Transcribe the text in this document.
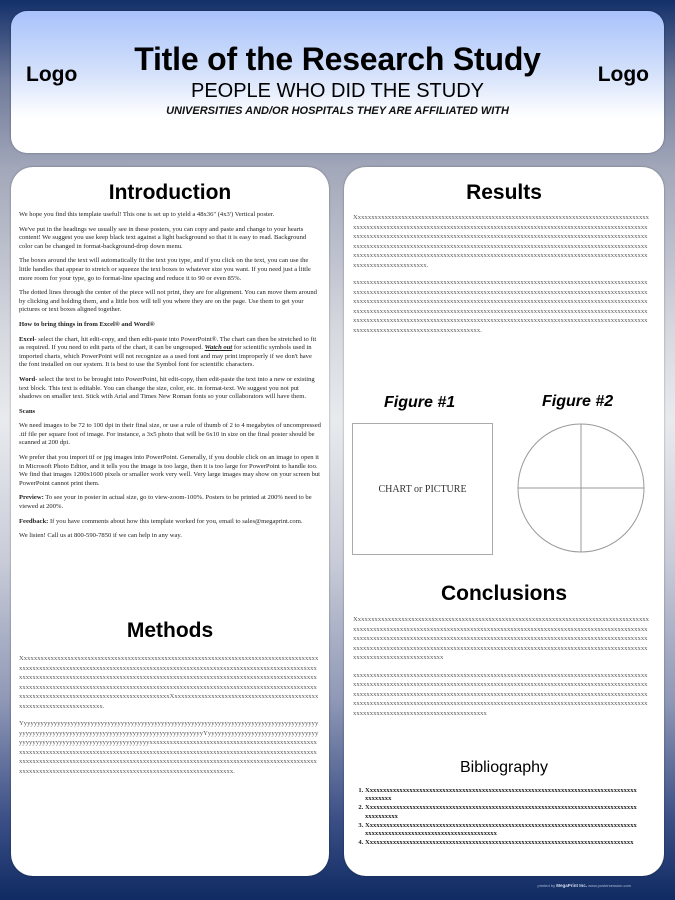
Logo	Title of the Research Study
PEOPLE WHO DID THE STUDY
UNIVERSITIES AND/OR HOSPITALS THEY ARE AFFILIATED WITH
Logo
Introduction

We hope you find this template useful! This one is set up to yield a 48x36" (4x3') Vertical poster.

We've put in the headings we usually see in these posters, you can copy and paste and change to your hearts content! We suggest you use keep black text against a light background so that it is easy to read. Background color can be changed in format-background-drop down menu.

The boxes around the text will automatically fit the text you type, and if you click on the text, you can use the little handles that appear to stretch or squeeze the text boxes to whatever size you want. If you need just a little more room for your type, go to format-line spacing and reduce it to 90 or even 85%.

The dotted lines through the center of the piece will not print, they are for alignment. You can move them around by clicking and holding them, and a little box will tell you where they are on the page. Use them to get your pictures or text boxes aligned together.

How to bring things in from Excel® and Word®

Excel- select the chart, hit edit-copy, and then edit-paste into PowerPoint®. The chart can then be stretched to fit as required. If you need to edit parts of the chart, it can be ungrouped. Watch out for scientific symbols used in imported charts, which PowerPoint will not recognize as a used font and may print improperly if we don't have the font installed on our system. It is best to use the Symbol font for scientific characters.

Word- select the text to be brought into PowerPoint, hit edit-copy, then edit-paste the text into a new or existing text block. This text is editable. You can change the size, color, etc. in format-text. We suggest you not put shadows on smaller text. Stick with Arial and Times New Roman fonts so your collaborators will have them.

Scans

We need images to be 72 to 100 dpi in their final size, or use a rule of thumb of 2 to 4 megabytes of uncompressed .tif file per square foot of image. For instance, a 3x5 photo that will be 6x10 in size on the final poster should be scanned at 200 dpi.

We prefer that you import tif or jpg images into PowerPoint. Generally, if you double click on an image to open it in Microsoft Photo Editor, and it tells you the image is too large, then it is too large for PowerPoint to handle too. We find that images 1200x1600 pixels or smaller work very well. Very large images may show on your screen but PowerPoint cannot print them.

Preview: To see your in poster in actual size, go to view-zoom-100%. Posters to be printed at 200% need to be viewed at 200%.

Feedback: If you have comments about how this template worked for you, email to sales@megaprint.com.

We listen! Call us at 800-590-7850 if we can help in any way.

Methods

XxxxxxxxxxxxxxxxxxxxxxxxxxxxxxxxxxxxxxxxxxxxxxxxxxxxxxxxxxxxxxxxxxxxxxxxxxxxxxxxxxxxxxxxxxxxxxxxxxxxxxxxxxxxxxxxxxxxxxxxxxxxxxxxxxxxxxxxxxxxxxxxxxxxxxxxxxxxxxxxxxxxxxxxxxxxxxxxxxxxxxxxxxxxxxxxxxxxxxxxxxxxxxxxxxxxxxxxxxxxxxxxxxxxxxxxxxxxxxxxxxxxxxxxxxxxxxxxxxxxxxxxxxxxxxxxxxxxxxxxxxxxxxxxxxxxxxxxxxxxxxxxxxxxxxxxxxxxxxxxxxxxxxxxxxxxxxxxxxxxxxxxxxxxxxxxxxxxxxxxxxxxxxxxxxxxxxxxxxxxxxxxxxxxxxxxxxxxxxxxxXxxxxxxxxxxxxxxxxxxxxxxxxxxxxxxxxxxxxxxxxxxxxxxxxxxxxxxxxxxxxxxxxxxxx.

YyyyyyyyyyyyyyyyyyyyyyyyyyyyyyyyyyyyyyyyyyyyyyyyyyyyyyyyyyyyyyyyyyyyyyyyyyyyyyyyyyyyyyyyyyyyyyyyyyyyyyyyyyyyyyyyyyyyyyyyyyyyyyyyyyyyyyyyyyyyyyyyYyyyyyyyyyyyyyyyyyyyyyyyyyyyyyyyyyyyyyyyyyyyyyyyyyyyyyyyyyyyyyyyyyyyyyyyyxxxxxxxxxxxxxxxxxxxxxxxxxxxxxxxxxxxxxxxxxxxxxxxxxxxxxxxxxxxxxxxxxxxxxxxxxxxxxxxxxxxxxxxxxxxxxxxxxxxxxxxxxxxxxxxxxxxxxxxxxxxxxxxxxxxxxxxxxxxxxxxxxxxxxxxxxxxxxxxxxxxxxxxxxxxxxxxxxxxxxxxxxxxxxxxxxxxxxxxxxxxxxxxxxxxxxxxxxxxxxxxxxxxxxxxxxxxxxxxxxxxxxxxxxxxxxxxxxxxxxxxxxxxxxxxxxxxxxxxxxxxxxxxxxxxx.

Results

Xxxxxxxxxxxxxxxxxxxxxxxxxxxxxxxxxxxxxxxxxxxxxxxxxxxxxxxxxxxxxxxxxxxxxxxxxxxxxxxxxxxxxxxxxxxxxxxxxxxxxxxxxxxxxxxxxxxxxxxxxxxxxxxxxxxxxxxxxxxxxxxxxxxxxxxxxxxxxxxxxxxxxxxxxxxxxxxxxxxxxxxxxxxxxxxxxxxxxxxxxxxxxxxxxxxxxxxxxxxxxxxxxxxxxxxxxxxxxxxxxxxxxxxxxxxxxxxxxxxxxxxxxxxxxxxxxxxxxxxxxxxxxxxxxxxxxxxxxxxxxxxxxxxxxxxxxxxxxxxxxxxxxxxxxxxxxxxxxxxxxxxxxxxxxxxxxxxxxxxxxxxxxxxxxxxxxxxxxxxxxxxxxxxxxxxxxxxxxxxxxxxxxxxxxxxxxxxxxxxxxxxxxxxxxxxxxxxxxxxxxxxxxxxxxxxxxxxxxxxxxx.

xxxxxxxxxxxxxxxxxxxxxxxxxxxxxxxxxxxxxxxxxxxxxxxxxxxxxxxxxxxxxxxxxxxxxxxxxxxxxxxxxxxxxxxxxxxxxxxxxxxxxxxxxxxxxxxxxxxxxxxxxxxxxxxxxxxxxxxxxxxxxxxxxxxxxxxxxxxxxxxxxxxxxxxxxxxxxxxxxxxxxxxxxxxxxxxxxxxxxxxxxxxxxxxxxxxxxxxxxxxxxxxxxxxxxxxxxxxxxxxxxxxxxxxxxxxxxxxxxxxxxxxxxxxxxxxxxxxxxxxxxxxxxxxxxxxxxxxxxxxxxxxxxxxxxxxxxxxxxxxxxxxxxxxxxxxxxxxxxxxxxxxxxxxxxxxxxxxxxxxxxxxxxxxxxxxxxxxxxxxxxxxxxxxxxxxxxxxxxxxxxxxxxxxxxxxxxxxxxxxxxxxxxxxxxxxxxxxxxxxxxxxxxxxxxxxxxxxxxxxxxxxxxxxxxxxxxxxxxx.

Figure #1	Figure #2
CHART or PICTURE
Conclusions

Xxxxxxxxxxxxxxxxxxxxxxxxxxxxxxxxxxxxxxxxxxxxxxxxxxxxxxxxxxxxxxxxxxxxxxxxxxxxxxxxxxxxxxxxxxxxxxxxxxxxxxxxxxxxxxxxxxxxxxxxxxxxxxxxxxxxxxxxxxxxxxxxxxxxxxxxxxxxxxxxxxxxxxxxxxxxxxxxxxxxxxxxxxxxxxxxxxxxxxxxxxxxxxxxxxxxxxxxxxxxxxxxxxxxxxxxxxxxxxxxxxxxxxxxxxxxxxxxxxxxxxxxxxxxxxxxxxxxxxxxxxxxxxxxxxxxxxxxxxxxxxxxxxxxxxxxxxxxxxxxxxxxxxxxxxxxxxxxxxxxxxxxxxxxxxxxxxxxxxxxxxxxxxxxxxxxxxxxxxx

xxxxxxxxxxxxxxxxxxxxxxxxxxxxxxxxxxxxxxxxxxxxxxxxxxxxxxxxxxxxxxxxxxxxxxxxxxxxxxxxxxxxxxxxxxxxxxxxxxxxxxxxxxxxxxxxxxxxxxxxxxxxxxxxxxxxxxxxxxxxxxxxxxxxxxxxxxxxxxxxxxxxxxxxxxxxxxxxxxxxxxxxxxxxxxxxxxxxxxxxxxxxxxxxxxxxxxxxxxxxxxxxxxxxxxxxxxxxxxxxxxxxxxxxxxxxxxxxxxxxxxxxxxxxxxxxxxxxxxxxxxxxxxxxxxxxxxxxxxxxxxxxxxxxxxxxxxxxxxxxxxxxxxxxxxxxxxxxxxxxxxxxxxxxxxxxxxxxxxxxxxxxxxxxxxxxxxxxxxxxxxxxxxxxxxxx

Bibliography
1. Xxxxxxxxxxxxxxxxxxxxxxxxxxxxxxxxxxxxxxxxxxxxxxxxxxxxxxxxxxxxxxxxxxxxxxxxxxxxxxxxxxxxxxxxxx
2. Xxxxxxxxxxxxxxxxxxxxxxxxxxxxxxxxxxxxxxxxxxxxxxxxxxxxxxxxxxxxxxxxxxxxxxxxxxxxxxxxxxxxxxxxxxxx
3. Xxxxxxxxxxxxxxxxxxxxxxxxxxxxxxxxxxxxxxxxxxxxxxxxxxxxxxxxxxxxxxxxxxxxxxxxxxxxxxxxxxxxxxxxxxxxxxxxxxxxxxxxxxxxxxxxxxxxxxxxxx
4. Xxxxxxxxxxxxxxxxxxxxxxxxxxxxxxxxxxxxxxxxxxxxxxxxxxxxxxxxxxxxxxxxxxxxxxxxxxxxxxxxx
printed by MegaPrint Inc. www.postersession.com
